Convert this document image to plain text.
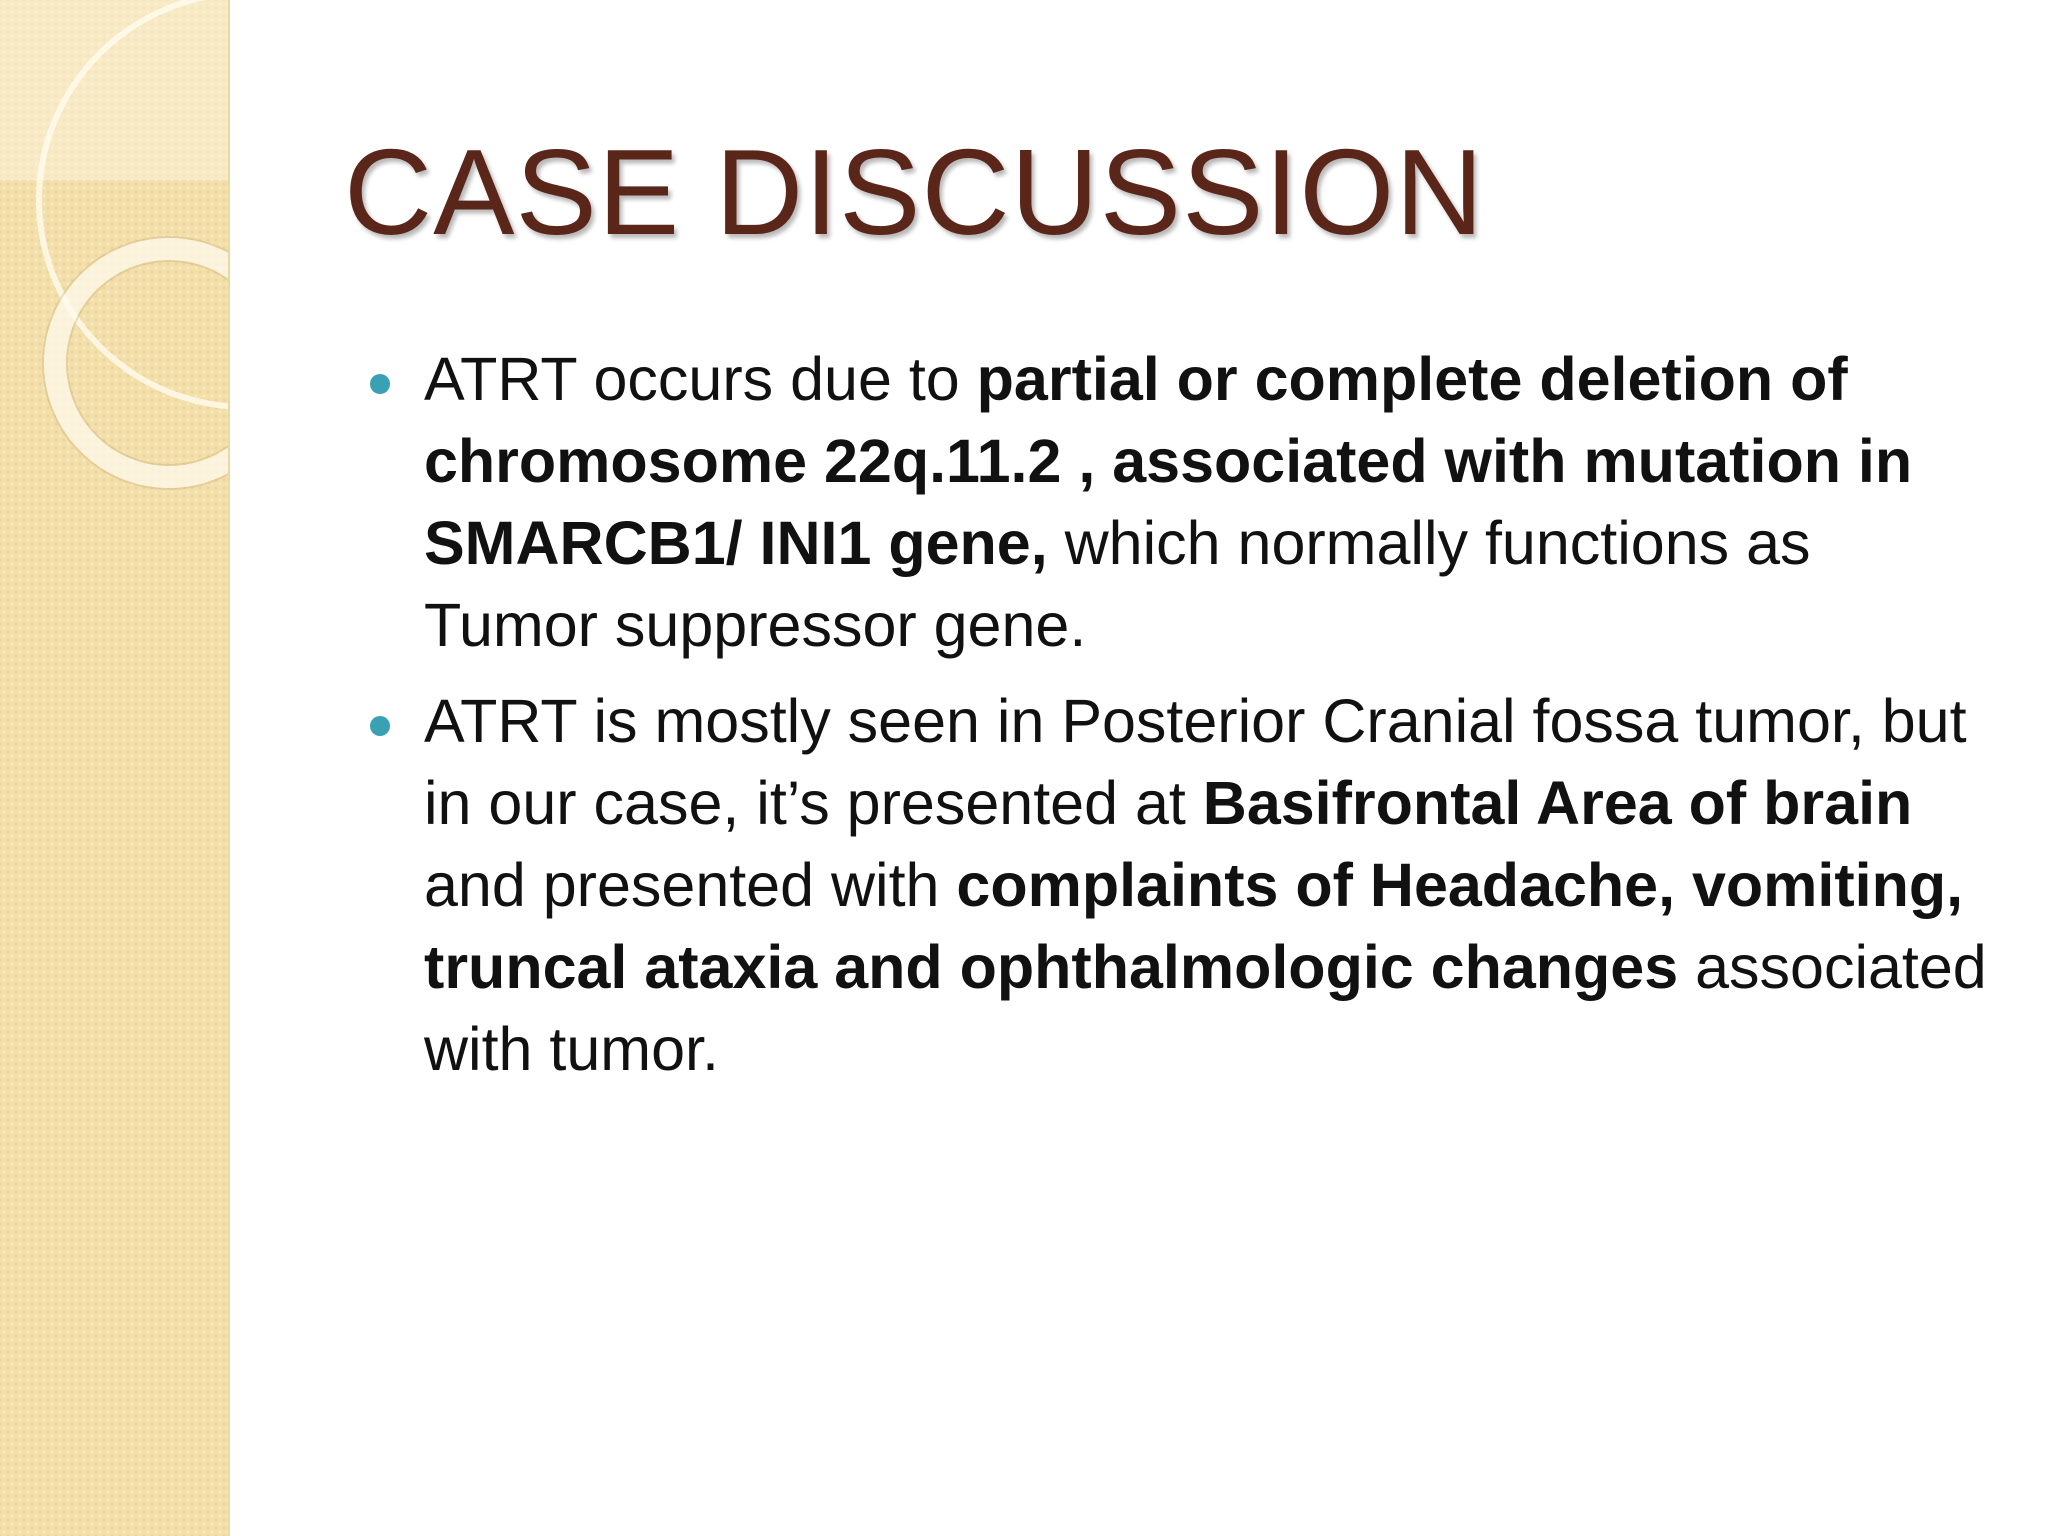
CASE DISCUSSION
ATRT occurs due to partial or complete deletion of chromosome 22q.11.2 , associated with mutation in SMARCB1/ INI1 gene, which normally functions as Tumor suppressor gene.
ATRT is mostly seen in Posterior Cranial fossa tumor, but in our case, it’s presented at Basifrontal Area of brain and presented with complaints of Headache, vomiting, truncal ataxia and ophthalmologic changes associated with tumor.
